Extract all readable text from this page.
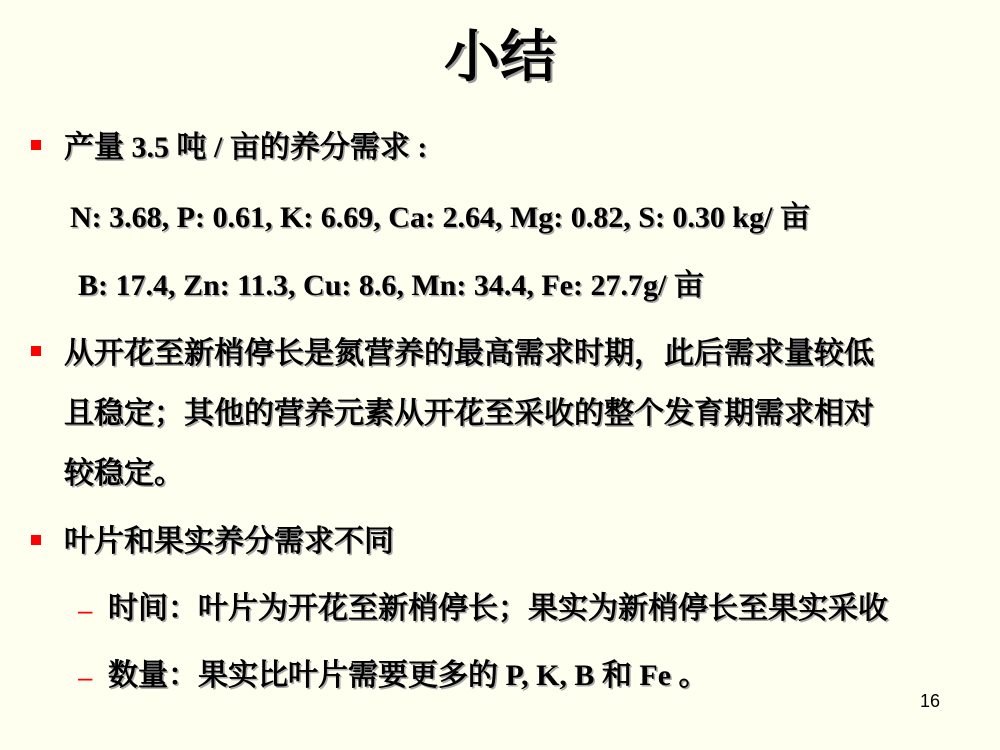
小结
产量 3.5 吨 / 亩的养分需求 :
N: 3.68, P: 0.61, K: 6.69, Ca: 2.64, Mg: 0.82, S: 0.30 kg/ 亩
B: 17.4, Zn: 11.3, Cu: 8.6, Mn: 34.4, Fe: 27.7g/ 亩
从开花至新梢停长是氮营养的最高需求时期，此后需求量较低
且稳定；其他的营养元素从开花至采收的整个发育期需求相对
较稳定。
叶片和果实养分需求不同
– 时间：叶片为开花至新梢停长；果实为新梢停长至果实采收
– 数量：果实比叶片需要更多的 P, K, B 和 Fe 。
16
